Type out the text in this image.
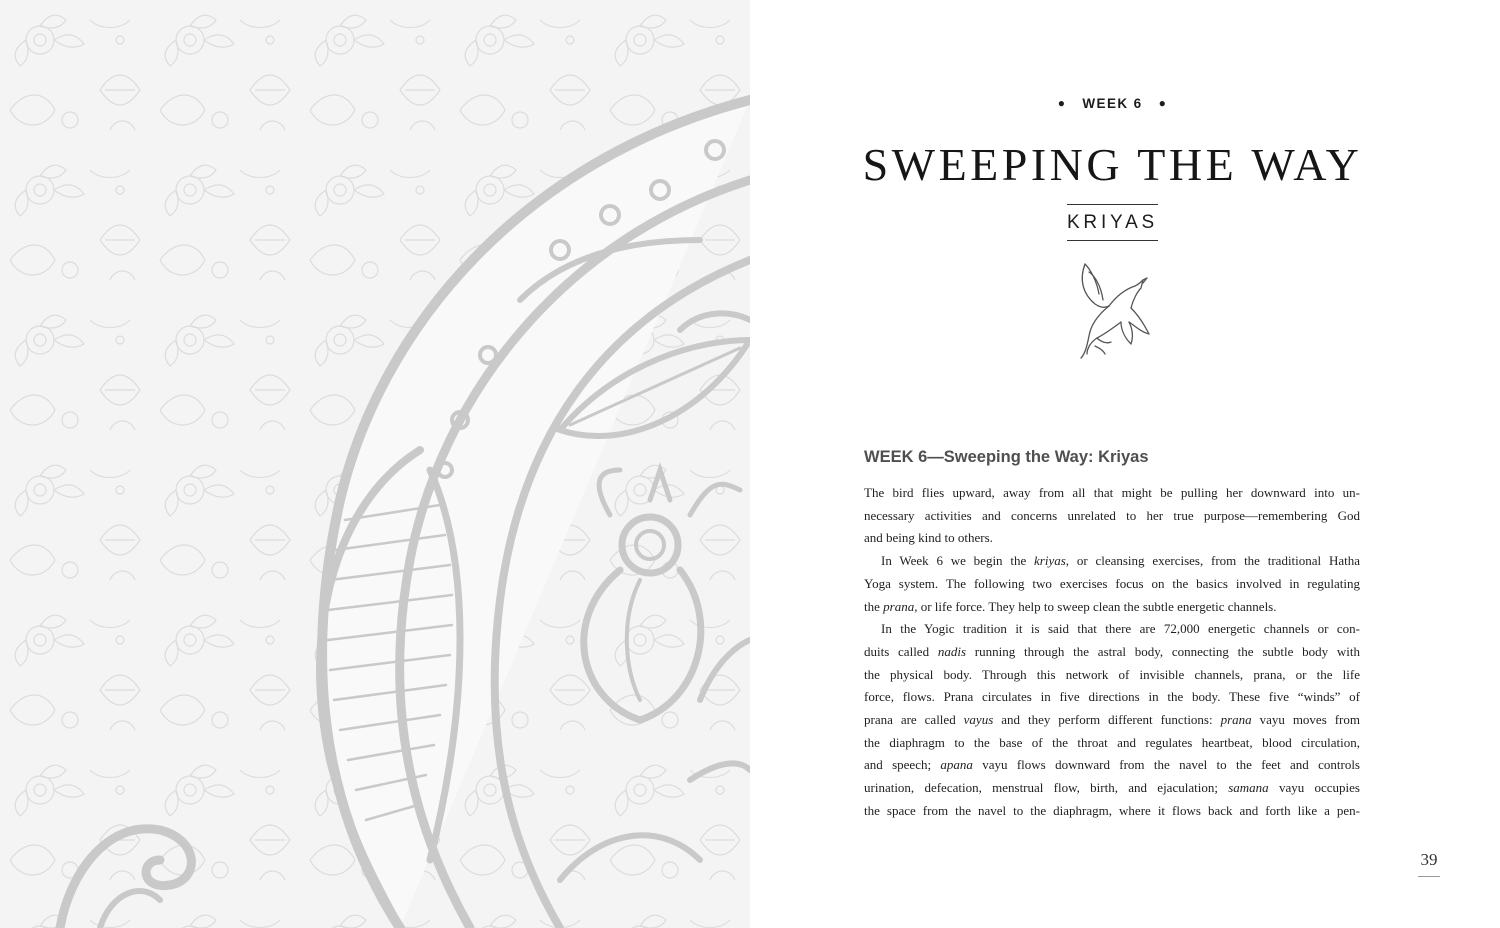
● WEEK 6 ●
SWEEPING THE WAY
KRIYAS
WEEK 6—Sweeping the Way: Kriyas
The bird flies upward, away from all that might be pulling her downward into un-
necessary activities and concerns unrelated to her true purpose—remembering God
and being kind to others.
In Week 6 we begin the kriyas, or cleansing exercises, from the traditional Hatha
Yoga system. The following two exercises focus on the basics involved in regulating
the prana, or life force. They help to sweep clean the subtle energetic channels.
In the Yogic tradition it is said that there are 72,000 energetic channels or con-
duits called nadis running through the astral body, connecting the subtle body with
the physical body. Through this network of invisible channels, prana, or the life
force, flows. Prana circulates in five directions in the body. These five “winds” of
prana are called vayus and they perform different functions: prana vayu moves from
the diaphragm to the base of the throat and regulates heartbeat, blood circulation,
and speech; apana vayu flows downward from the navel to the feet and controls
urination, defecation, menstrual flow, birth, and ejaculation; samana vayu occupies
the space from the navel to the diaphragm, where it flows back and forth like a pen-
39
